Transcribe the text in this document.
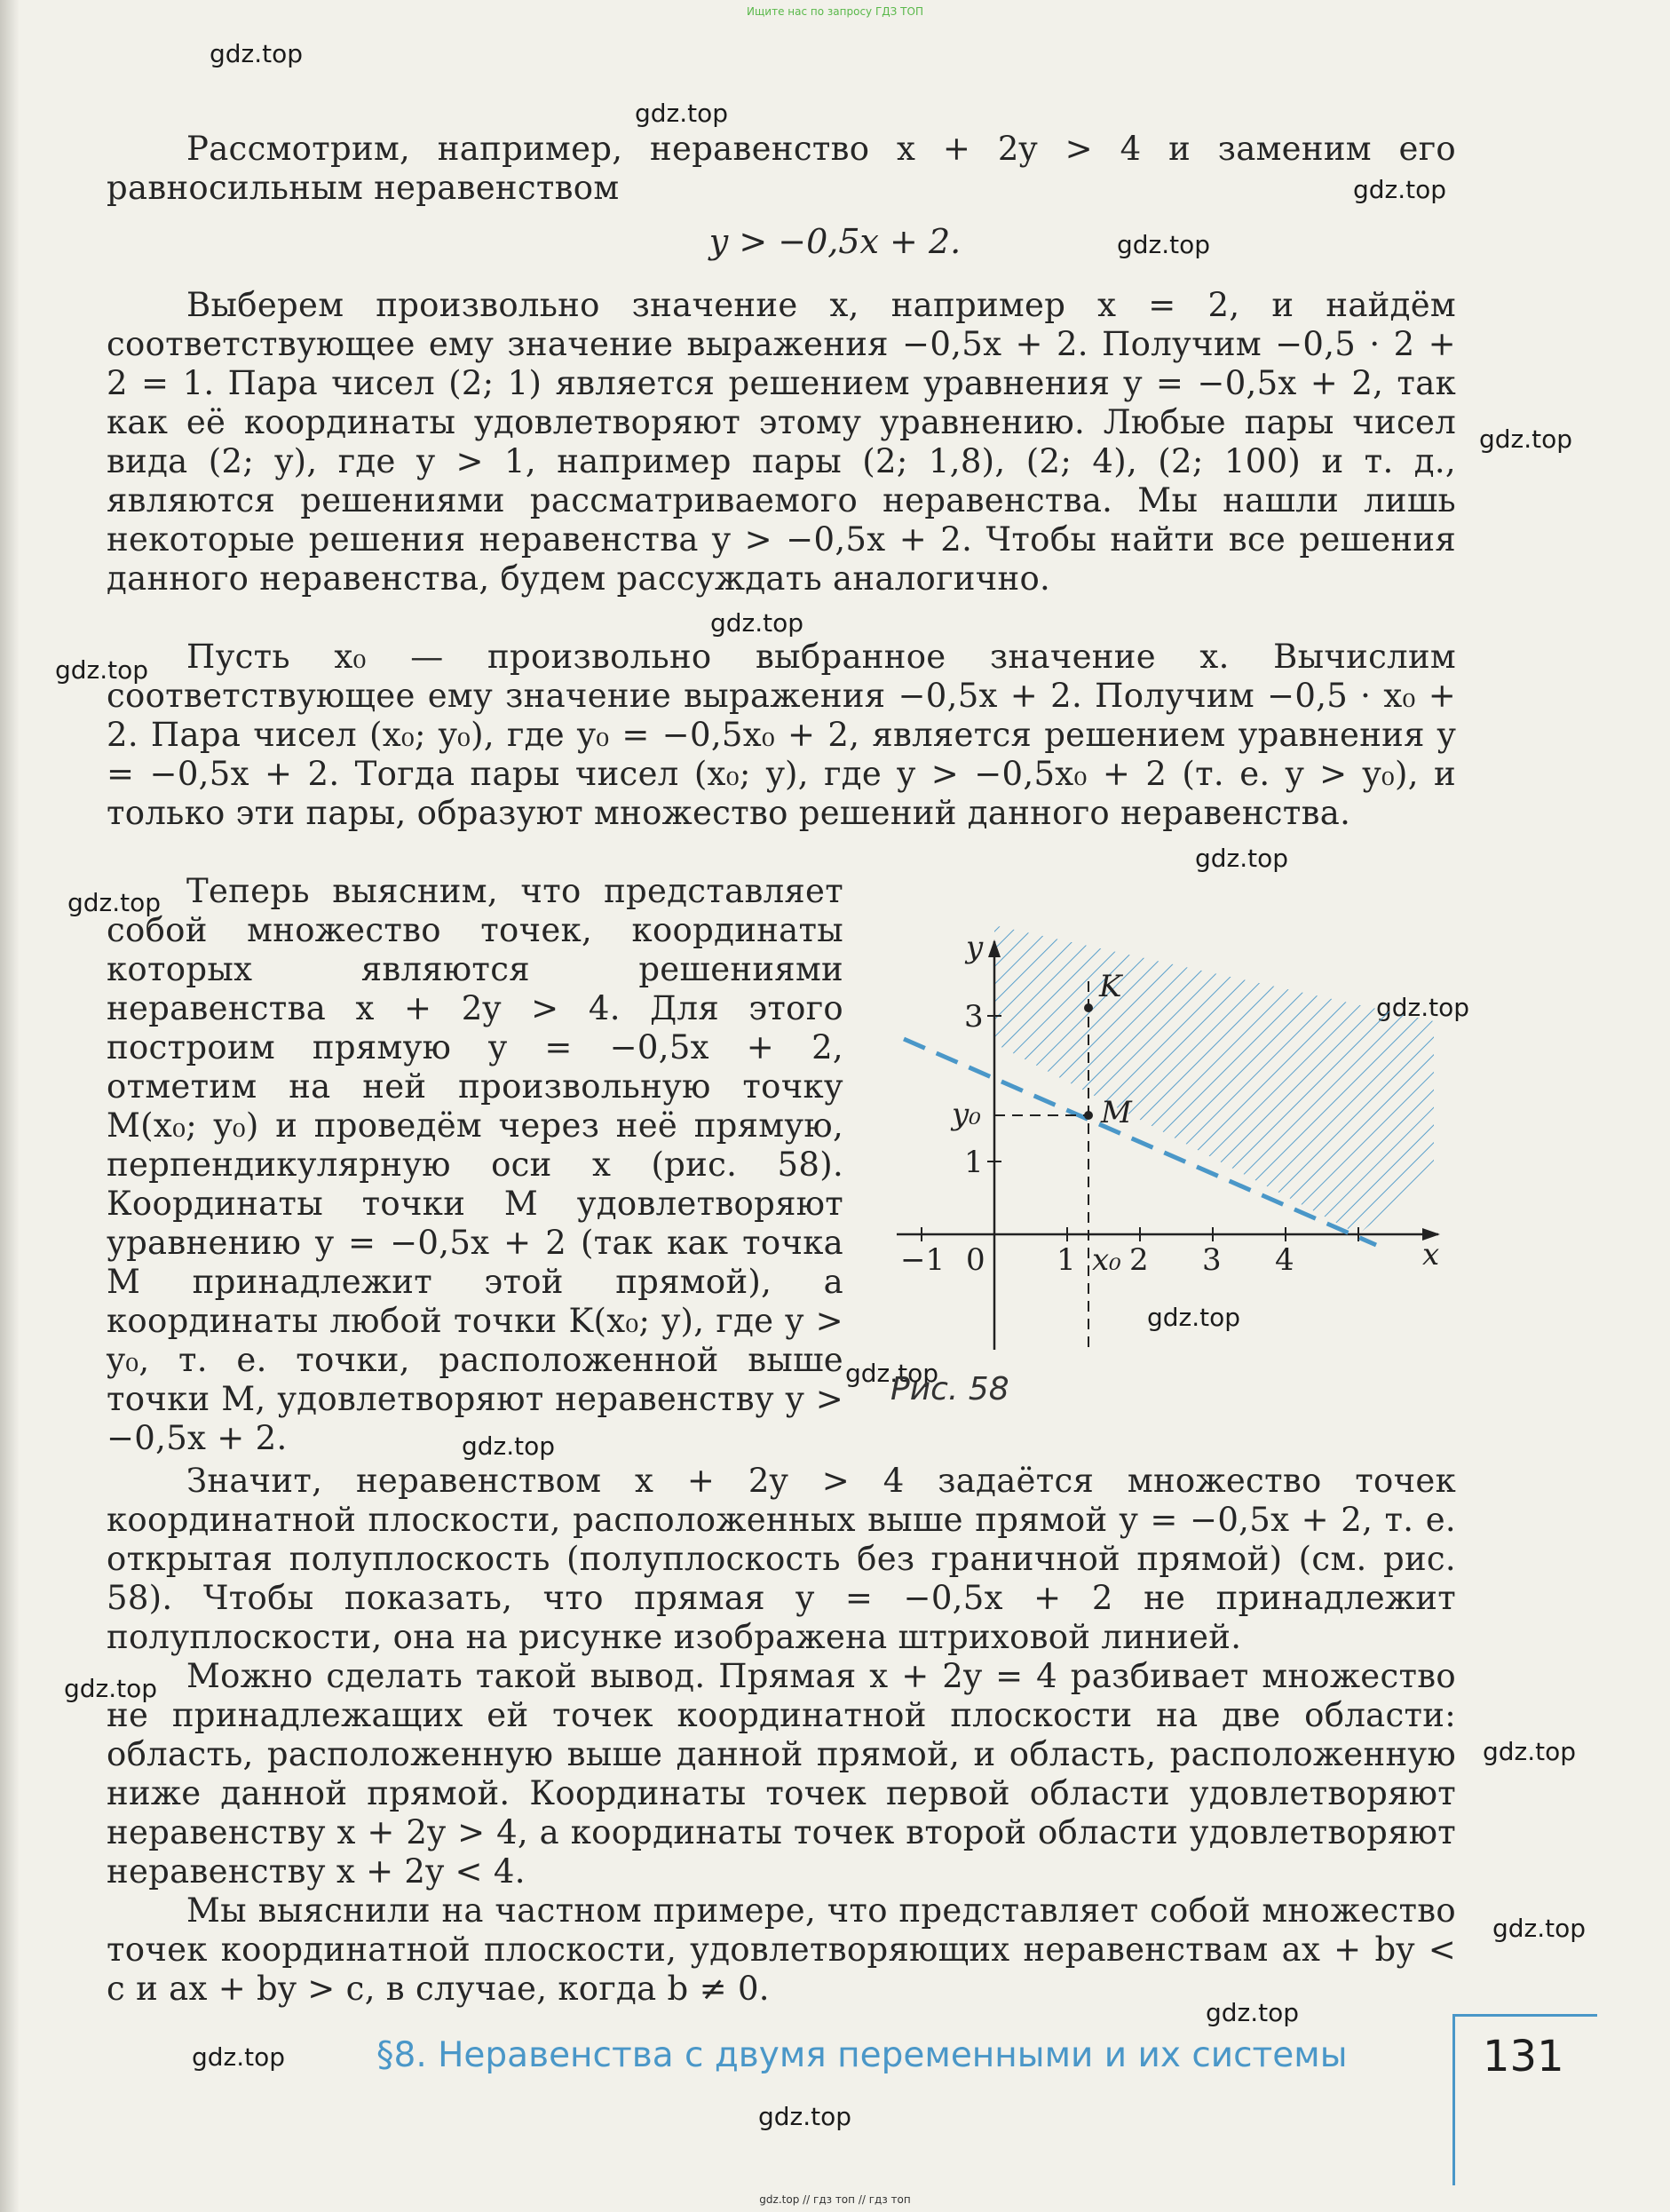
Ищите нас по запросу ГДЗ ТОП
gdz.top
gdz.top
gdz.top
gdz.top
gdz.top
gdz.top
gdz.top
gdz.top
gdz.top
gdz.top
gdz.top
gdz.top
gdz.top
gdz.top
gdz.top
gdz.top
gdz.top
gdz.top
gdz.top

Рассмотрим, например, неравенство x + 2y > 4 и заменим его равносильным неравенством

y > −0,5x + 2.

Выберем произвольно значение x, например x = 2, и найдём соответствующее ему значение выражения −0,5x + 2. Получим −0,5 · 2 + 2 = 1. Пара чисел (2; 1) является решением уравнения y = −0,5x + 2, так как её координаты удовлетворяют этому уравнению. Любые пары чисел вида (2; y), где y > 1, например пары (2; 1,8), (2; 4), (2; 100) и т. д., являются решениями рассматриваемого неравенства. Мы нашли лишь некоторые решения неравенства y > −0,5x + 2. Чтобы найти все решения данного неравенства, будем рассуждать аналогично.

Пусть x₀ — произвольно выбранное значение x. Вычислим соответствующее ему значение выражения −0,5x + 2. Получим −0,5 · x₀ + 2. Пара чисел (x₀; y₀), где y₀ = −0,5x₀ + 2, является решением уравнения y = −0,5x + 2. Тогда пары чисел (x₀; y), где y > −0,5x₀ + 2 (т. е. y > y₀), и только эти пары, образуют множество решений данного неравенства.

Теперь выясним, что представляет собой множество точек, координаты которых являются решениями неравенства x + 2y > 4. Для этого построим прямую y = −0,5x + 2, отметим на ней произвольную точку M(x₀; y₀) и проведём через неё прямую, перпендикулярную оси x (рис. 58). Координаты точки M удовлетворяют уравнению y = −0,5x + 2 (так как точка M принадлежит этой прямой), а координаты любой точки K(x₀; y), где y > y₀, т. е. точки, расположенной выше точки M, удовлетворяют неравенству y > −0,5x + 2.

Значит, неравенством x + 2y > 4 задаётся множество точек координатной плоскости, расположенных выше прямой y = −0,5x + 2, т. е. открытая полуплоскость (полуплоскость без граничной прямой) (см. рис. 58). Чтобы показать, что прямая y = −0,5x + 2 не принадлежит полуплоскости, она на рисунке изображена штриховой линией.

Можно сделать такой вывод. Прямая x + 2y = 4 разбивает множество не принадлежащих ей точек координатной плоскости на две области: область, расположенную выше данной прямой, и область, расположенную ниже данной прямой. Координаты точек первой области удовлетворяют неравенству x + 2y > 4, а координаты точек второй области удовлетворяют неравенству x + 2y < 4.

Мы выяснили на частном примере, что представляет собой множество точек координатной плоскости, удовлетворяющих неравенствам ax + by < c и ax + by > c, в случае, когда b ≠ 0.

x
y
−1 0 1 2 3 4
1
3
x₀
y₀	M
K
Рис. 58
§8. Неравенства с двумя переменными и их системы	131
gdz.top // гдз топ // гдз топ
